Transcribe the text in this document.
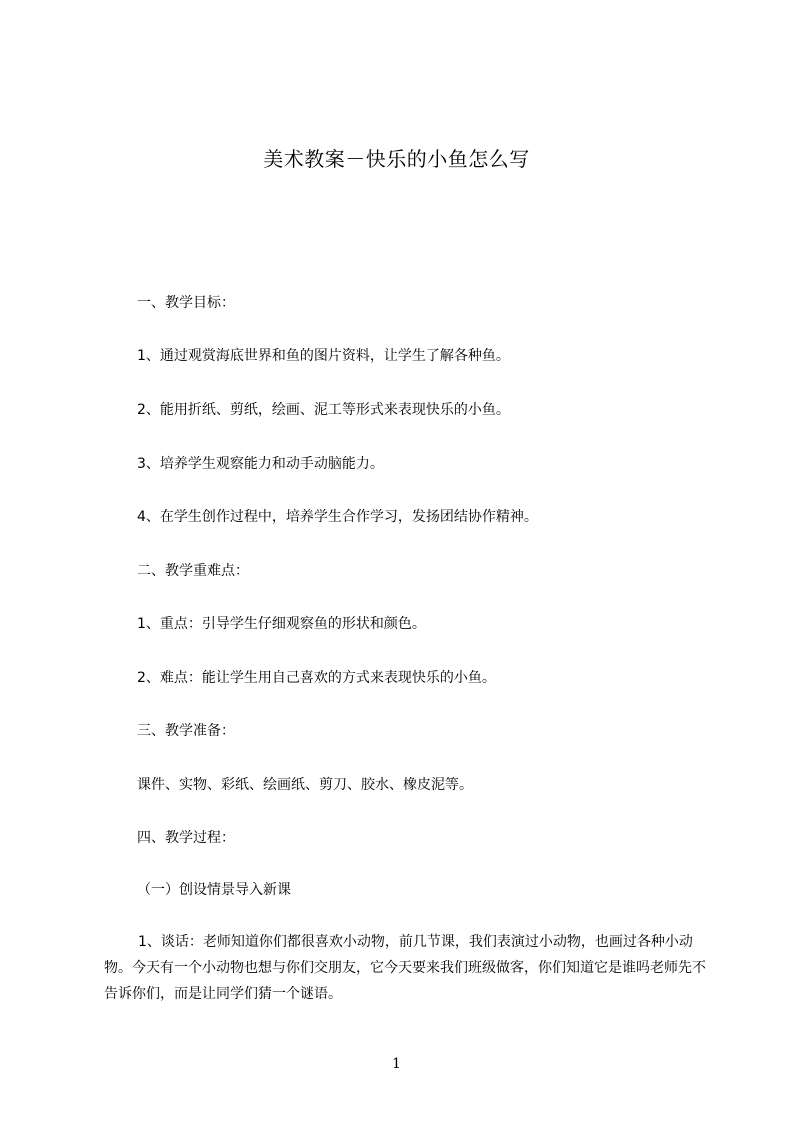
美术教案－快乐的小鱼怎么写
一、教学目标：
1、通过观赏海底世界和鱼的图片资料，让学生了解各种鱼。
2、能用折纸、剪纸，绘画、泥工等形式来表现快乐的小鱼。
3、培养学生观察能力和动手动脑能力。
4、在学生创作过程中，培养学生合作学习，发扬团结协作精神。
二、教学重难点：
1、重点：引导学生仔细观察鱼的形状和颜色。
2、难点：能让学生用自己喜欢的方式来表现快乐的小鱼。
三、教学准备：
课件、实物、彩纸、绘画纸、剪刀、胶水、橡皮泥等。
四、教学过程：
（一）创设情景导入新课
1、谈话：老师知道你们都很喜欢小动物，前几节课，我们表演过小动物，也画过各种小动物。今天有一个小动物也想与你们交朋友，它今天要来我们班级做客，你们知道它是谁吗老师先不告诉你们，而是让同学们猜一个谜语。
1
